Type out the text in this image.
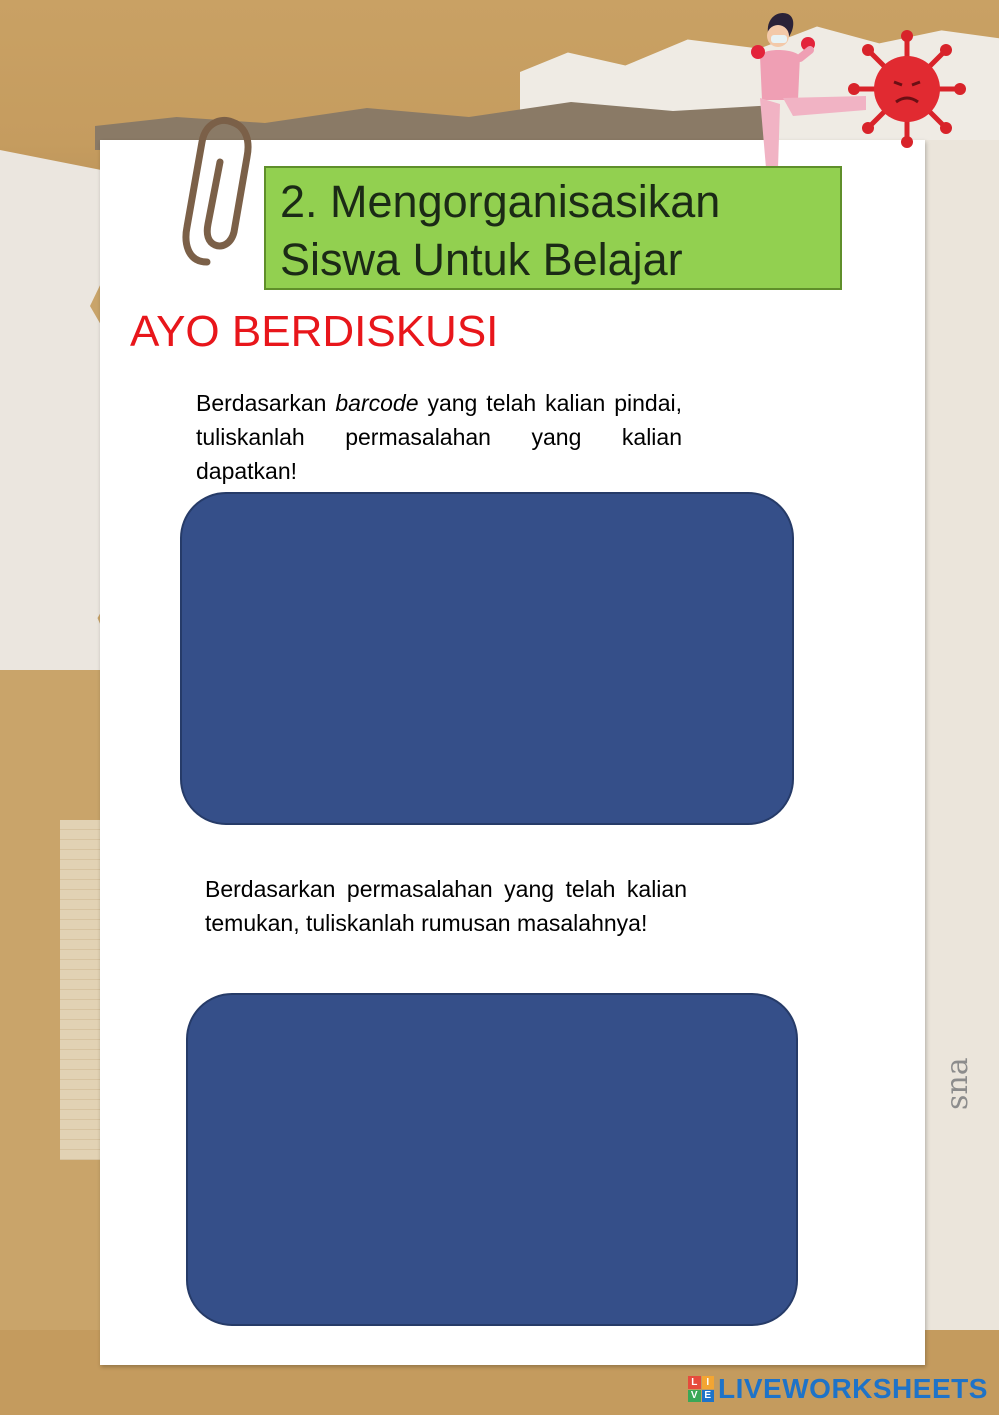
2. Mengorganisasikan
Siswa Untuk Belajar
AYO BERDISKUSI
Berdasarkan barcode yang telah kalian pindai, tuliskanlah permasalahan yang kalian dapatkan!
Berdasarkan permasalahan yang telah kalian temukan, tuliskanlah rumusan masalahnya!
sna
L I
V E LIVEWORKSHEETS
